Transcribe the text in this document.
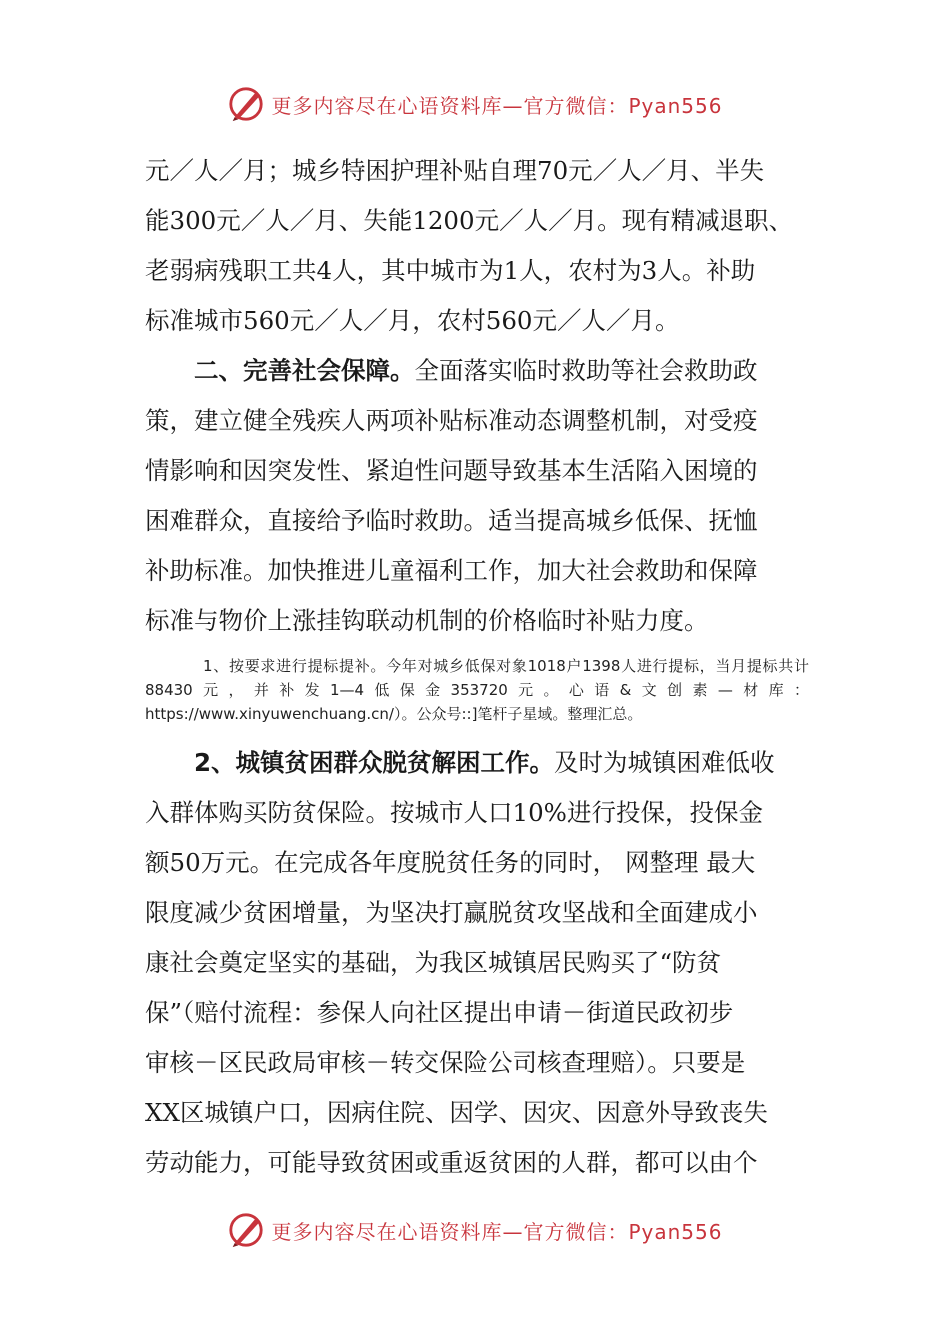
更多内容尽在心语资料库—官方微信：Pyan556
元／人／月；城乡特困护理补贴自理70元／人／月、半失
能300元／人／月、失能1200元／人／月。现有精减退职、
老弱病残职工共4人，其中城市为1人，农村为3人。补助
标准城市560元／人／月，农村560元／人／月。
二、完善社会保障。 全面落实临时救助等社会救助政
策，建立健全残疾人两项补贴标准动态调整机制，对受疫
情影响和因突发性、紧迫性问题导致基本生活陷入困境的
困难群众，直接给予临时救助。适当提高城乡低保、抚恤
补助标准。加快推进儿童福利工作，加大社会救助和保障
标准与物价上涨挂钩联动机制的价格临时补贴力度。

1、按要求进行提标提补。今年对城乡低保对象1018户1398人进行提标，当月提标共计88430元，并补发1—4低保金353720元。心语&文创素—材库：https://www.xinyuwenchuang.cn/）。公众号::]笔杆子星域。整理汇总。

2、城镇贫困群众脱贫解困工作。 及时为城镇困难低收
入群体购买防贫保险。按城市人口10%进行投保，投保金
额50万元。在完成各年度脱贫任务的同时， 网整理 最大
限度减少贫困增量，为坚决打赢脱贫攻坚战和全面建成小
康社会奠定坚实的基础，为我区城镇居民购买了“防贫
保”（赔付流程：参保人向社区提出申请－街道民政初步
审核－区民政局审核－转交保险公司核查理赔）。只要是
XX区城镇户口，因病住院、因学、因灾、因意外导致丧失
劳动能力，可能导致贫困或重返贫困的人群，都可以由个
更多内容尽在心语资料库—官方微信：Pyan556
